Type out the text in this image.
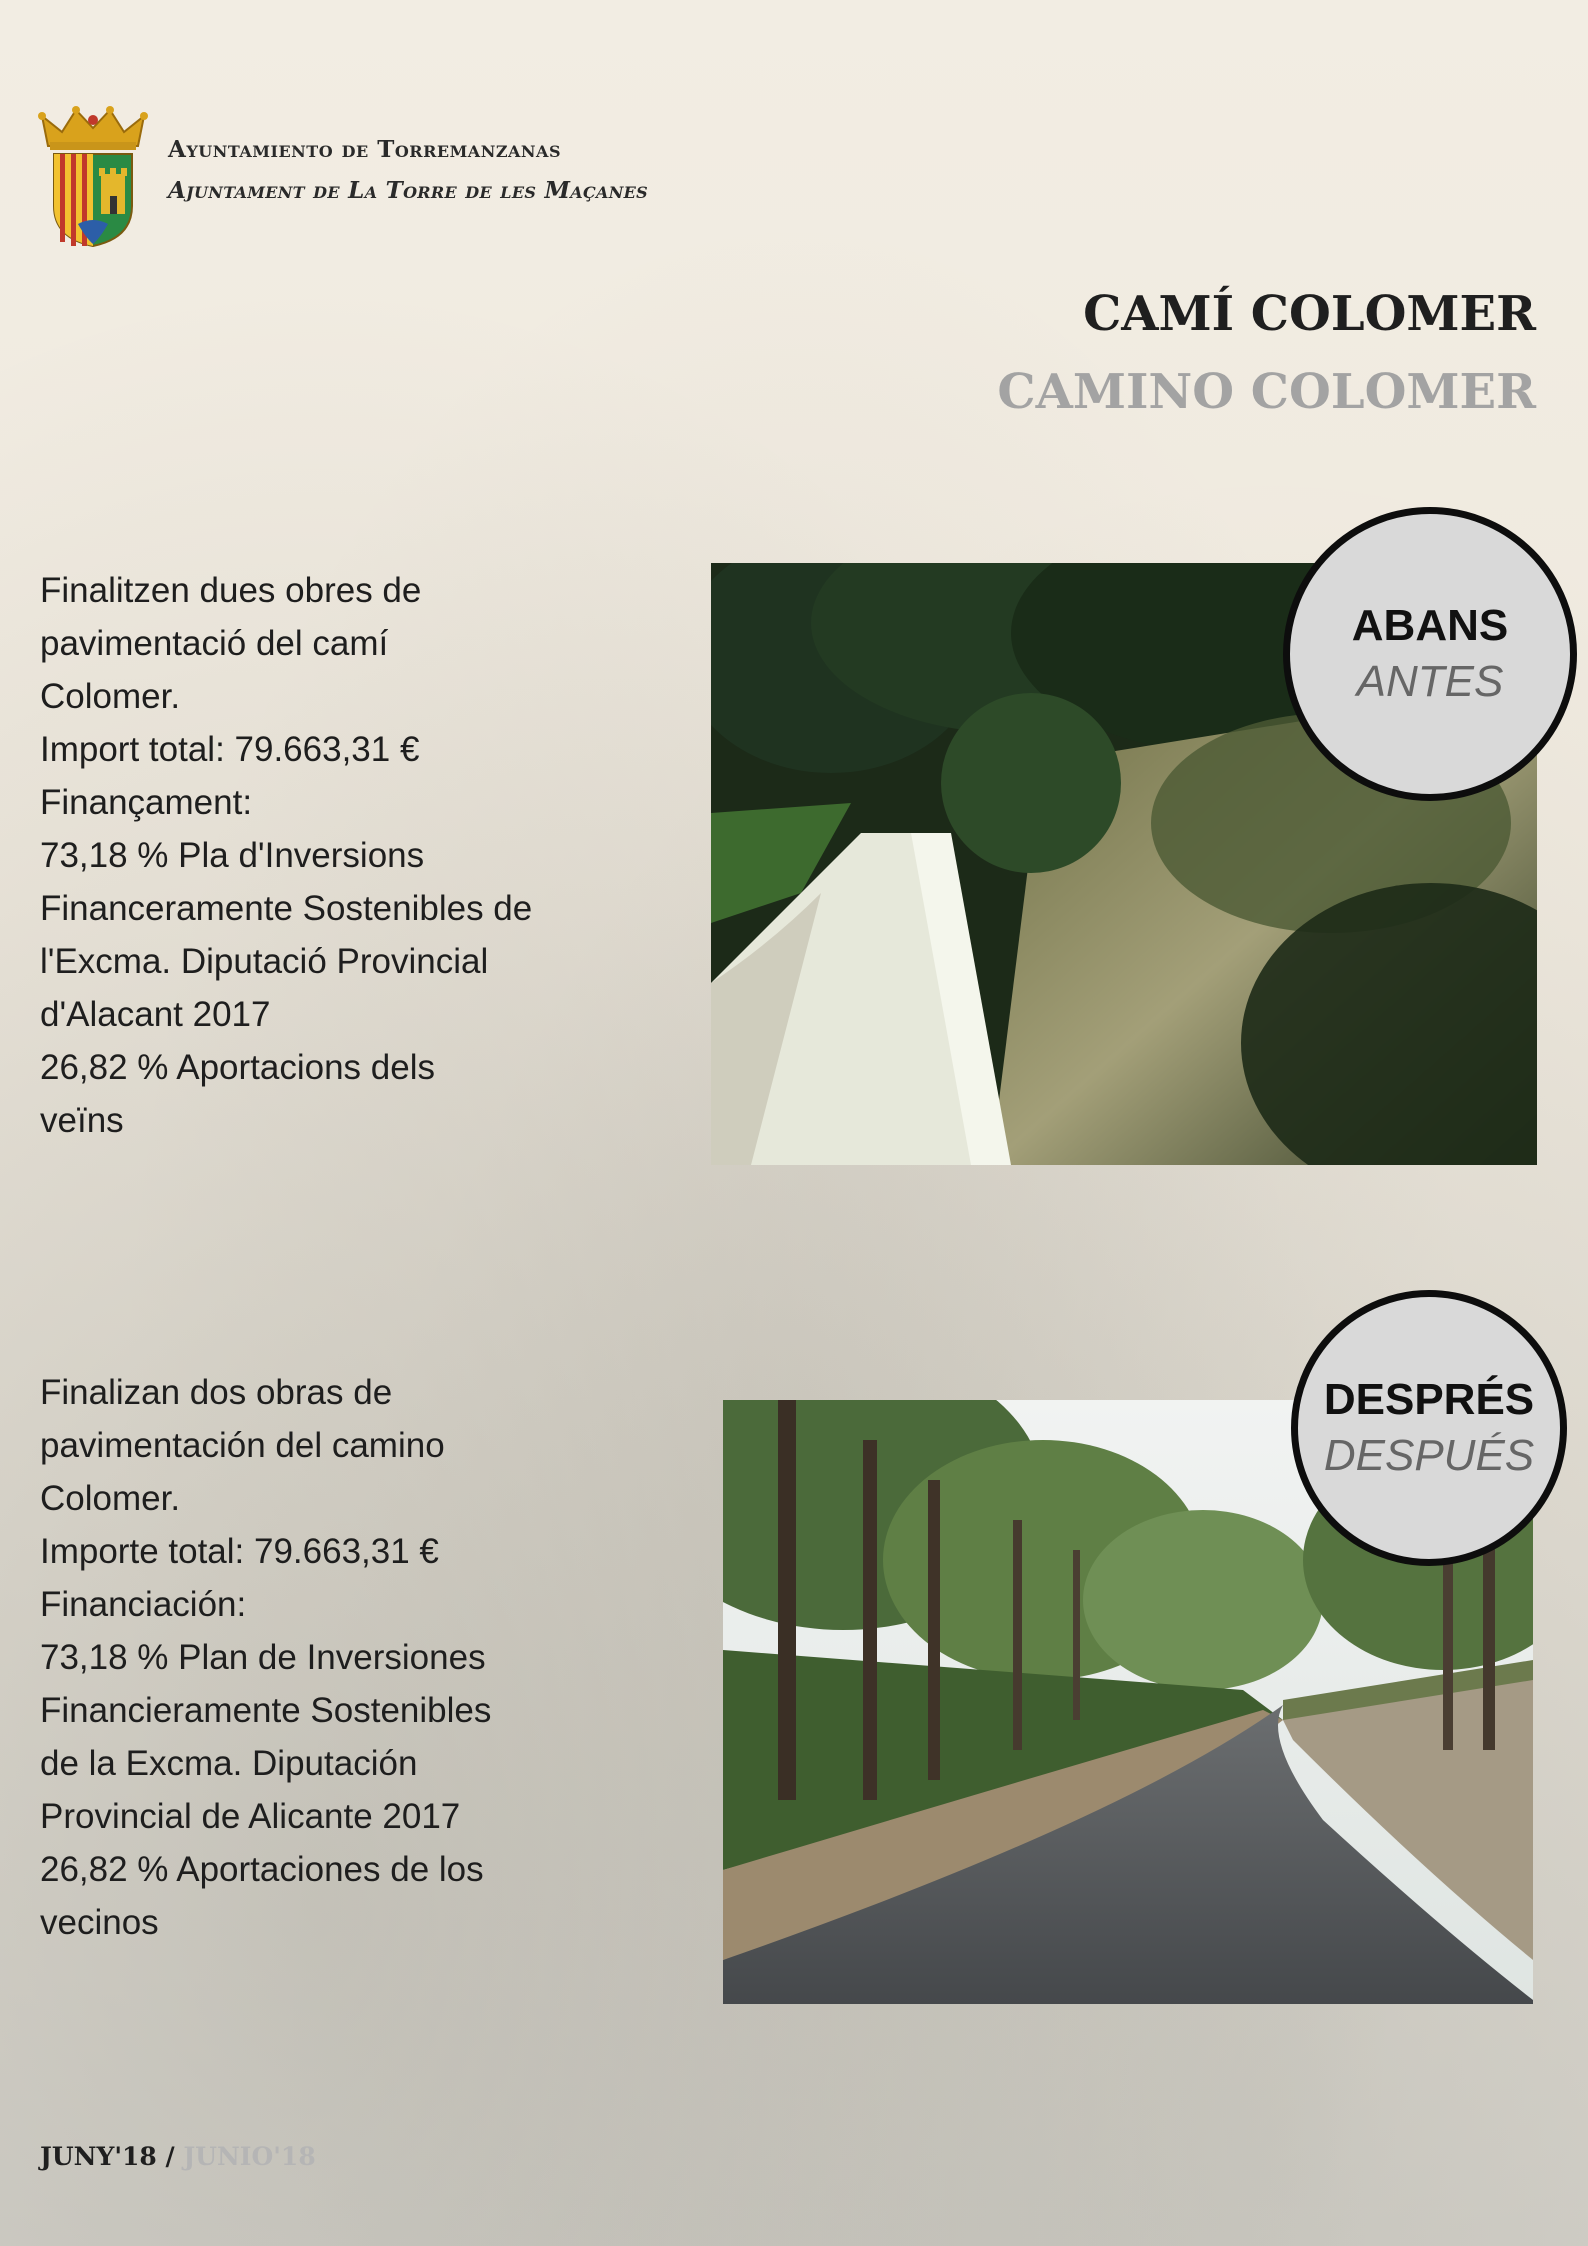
Ayuntamiento de Torremanzanas
Ajuntament de La Torre de les Maçanes
CAMÍ COLOMER
CAMINO COLOMER
Finalitzen dues obres de
pavimentació del camí
Colomer.
Import total: 79.663,31 €
Finançament:
73,18 % Pla d'Inversions
Financeramente Sostenibles de
l'Excma. Diputació Provincial
d'Alacant 2017
26,82 % Aportacions dels
veïns
ABANS
ANTES
Finalizan dos obras de
pavimentación del camino
Colomer.
Importe total: 79.663,31 €
Financiación:
73,18 % Plan de Inversiones
Financieramente Sostenibles
de la Excma. Diputación
Provincial de Alicante 2017
26,82 % Aportaciones de los
vecinos
DESPRÉS
DESPUÉS
JUNY'18 / JUNIO'18
